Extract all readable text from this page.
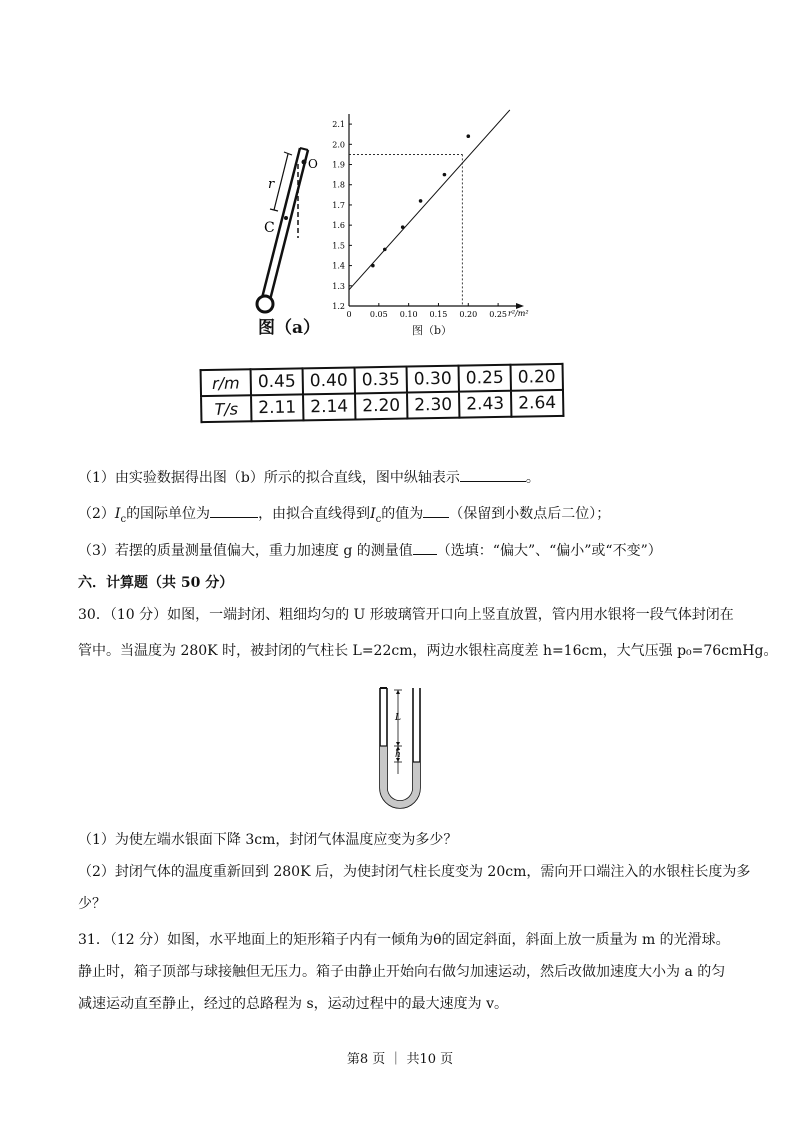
O
r
C
图（a）
1.2
1.3
1.4
1.5
1.6
1.7
1.8
1.9
2.0
2.1
0 0.05 0.10 0.15 0.20 0.25 r²/m²
图（b）
r/m	0.45	0.40	0.35	0.30	0.25	0.20
T/s	2.11	2.14	2.20	2.30	2.43	2.64
（1）由实验数据得出图（b）所示的拟合直线，图中纵轴表示	。
$(2)I_c$的国际单位为	，由拟合直线得到$I_c$的值为 （保留到小数点后二位）；
（3）若摆的质量测量值偏大，重力加速度 g 的测量值 （选填：“偏大”、“偏小”或“不变”）
六．计算题（共 50 分）
30．（10 分）如图，一端封闭、粗细均匀的 U 形玻璃管开口向上竖直放置，管内用水银将一段气体封闭在
管中。当温度为 280K 时，被封闭的气柱长 L=22cm，两边水银柱高度差 h=16cm，大气压强 p₀=76cmHg。
L
h
（1）为使左端水银面下降 3cm，封闭气体温度应变为多少？
（2）封闭气体的温度重新回到 280K 后，为使封闭气柱长度变为 20cm，需向开口端注入的水银柱长度为多
少？
31．（12 分）如图，水平地面上的矩形箱子内有一倾角为θ的固定斜面，斜面上放一质量为 m 的光滑球。
静止时，箱子顶部与球接触但无压力。箱子由静止开始向右做匀加速运动，然后改做加速度大小为 a 的匀
减速运动直至静止，经过的总路程为 s，运动过程中的最大速度为 v。
第8 页 ｜ 共10 页
